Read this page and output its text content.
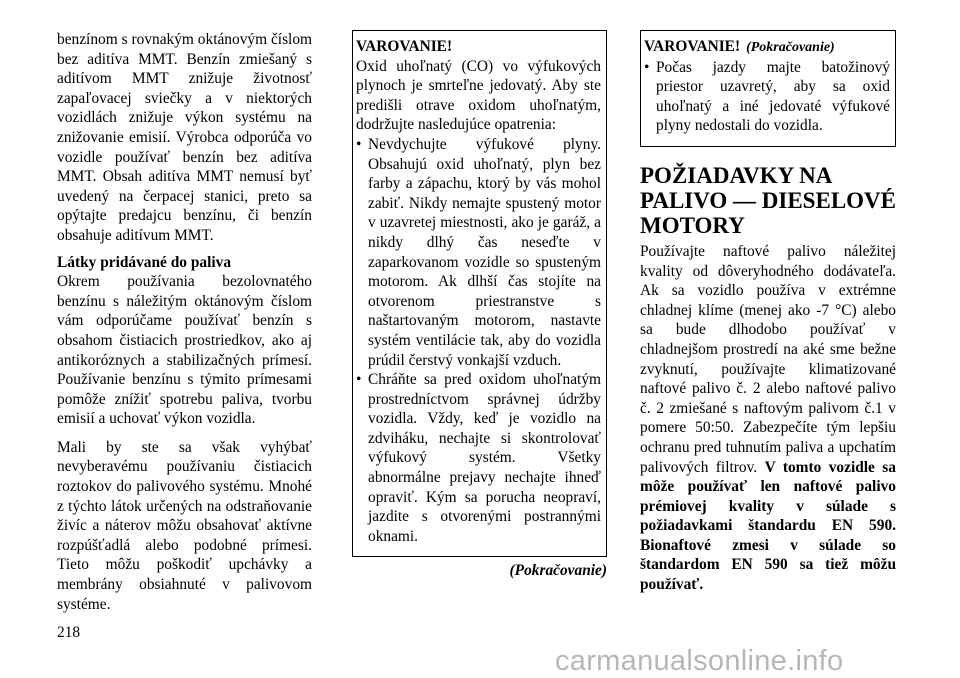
benzínom s rovnakým oktánovým číslom bez aditíva MMT. Benzín zmiešaný s aditívom MMT znižuje životnosť zapaľovacej sviečky a v niektorých vozidlách znižuje výkon systému na znižovanie emisií. Výrobca odporúča vo vozidle používať benzín bez aditíva MMT. Obsah aditíva MMT nemusí byť uvedený na čerpacej stanici, preto sa opýtajte predajcu benzínu, či benzín obsahuje aditívum MMT.

Látky pridávané do paliva

Okrem používania bezolovnatého benzínu s náležitým oktánovým číslom vám odporúčame používať benzín s obsahom čistiacich prostriedkov, ako aj antikoróznych a stabilizačných prímesí. Používanie benzínu s týmito prímesami pomôže znížiť spotrebu paliva, tvorbu emisií a uchovať výkon vozidla.

Mali by ste sa však vyhýbať nevyberavému používaniu čistiacich roztokov do palivového systému. Mnohé z týchto látok určených na odstraňovanie živíc a náterov môžu obsahovať aktívne rozpúšťadlá alebo podobné prímesi. Tieto môžu poškodiť upchávky a membrány obsiahnuté v palivovom systéme.

VAROVANIE!

Oxid uhoľnatý (CO) vo výfukových plynoch je smrteľne jedovatý. Aby ste predišli otrave oxidom uhoľnatým, dodržujte nasledujúce opatrenia:

• Nevdychujte výfukové plyny. Obsahujú oxid uhoľnatý, plyn bez farby a zápachu, ktorý by vás mohol zabiť. Nikdy nemajte spustený motor v uzavretej miestnosti, ako je garáž, a nikdy dlhý čas neseďte v zaparkovanom vozidle so spusteným motorom. Ak dlhší čas stojíte na otvorenom priestranstve s naštartovaným motorom, nastavte systém ventilácie tak, aby do vozidla prúdil čerstvý vonkajší vzduch.
• Chráňte sa pred oxidom uhoľnatým prostredníctvom správnej údržby vozidla. Vždy, keď je vozidlo na zdviháku, nechajte si skontrolovať výfukový systém. Všetky abnormálne prejavy nechajte ihneď opraviť. Kým sa porucha neopraví, jazdite s otvorenými postrannými oknami.
(Pokračovanie)
VAROVANIE! (Pokračovanie)
• Počas jazdy majte batožinový priestor uzavretý, aby sa oxid uhoľnatý a iné jedovaté výfukové plyny nedostali do vozidla.
POŽIADAVKY NA PALIVO — DIESELOVÉ MOTORY

Používajte naftové palivo náležitej kvality od dôveryhodného dodávateľa. Ak sa vozidlo používa v extrémne chladnej klíme (menej ako -7 °C) alebo sa bude dlhodobo používať v chladnejšom prostredí na aké sme bežne zvyknutí, používajte klimatizované naftové palivo č. 2 alebo naftové palivo č. 2 zmiešané s naftovým palivom č.1 v pomere 50:50. Zabezpečíte tým lepšiu ochranu pred tuhnutím paliva a upchatím palivových filtrov. V tomto vozidle sa môže používať len naftové palivo prémiovej kvality v súlade s požiadavkami štandardu EN 590. Bionaftové zmesi v súlade so štandardom EN 590 sa tiež môžu používať.

218
carmanualsonline.info
